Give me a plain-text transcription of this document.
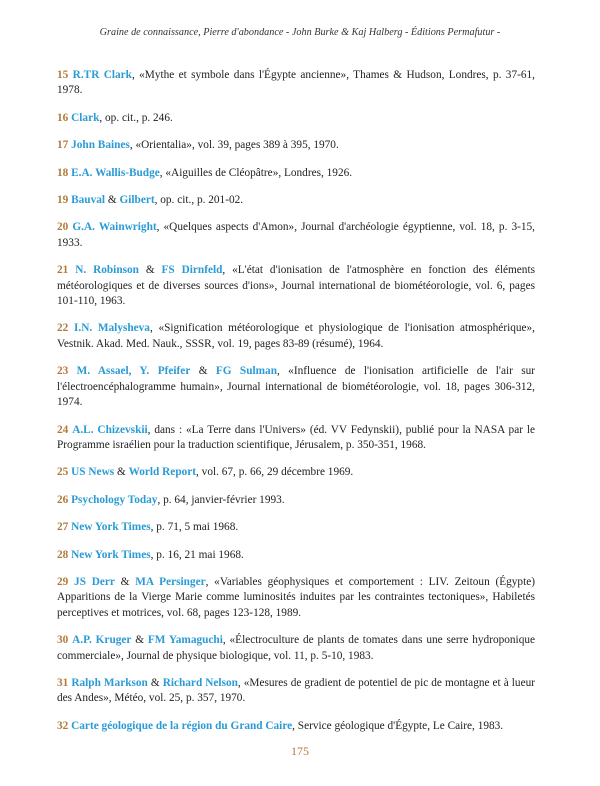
Graine de connaissance, Pierre d'abondance - John Burke & Kaj Halberg - Éditions Permafutur -

15 R.TR Clark, «Mythe et symbole dans l'Égypte ancienne», Thames & Hudson, Londres, p. 37-61, 1978.

16 Clark, op. cit., p. 246.

17 John Baines, «Orientalia», vol. 39, pages 389 à 395, 1970.

18 E.A. Wallis-Budge, «Aiguilles de Cléopâtre», Londres, 1926.

19 Bauval & Gilbert, op. cit., p. 201-02.

20 G.A. Wainwright, «Quelques aspects d'Amon», Journal d'archéologie égyptienne, vol. 18, p. 3-15, 1933.

21 N. Robinson & FS Dirnfeld, «L'état d'ionisation de l'atmosphère en fonction des éléments météorologiques et de diverses sources d'ions», Journal international de biométéorologie, vol. 6, pages 101-110, 1963.

22 I.N. Malysheva, «Signification météorologique et physiologique de l'ionisation atmosphérique», Vestnik. Akad. Med. Nauk., SSSR, vol. 19, pages 83-89 (résumé), 1964.

23 M. Assael, Y. Pfeifer & FG Sulman, «Influence de l'ionisation artificielle de l'air sur l'électroencéphalogramme humain», Journal international de biométéorologie, vol. 18, pages 306-312, 1974.

24 A.L. Chizevskii, dans : «La Terre dans l'Univers» (éd. VV Fedynskii), publié pour la NASA par le Programme israélien pour la traduction scientifique, Jérusalem, p. 350-351, 1968.

25 US News & World Report, vol. 67, p. 66, 29 décembre 1969.

26 Psychology Today, p. 64, janvier-février 1993.

27 New York Times, p. 71, 5 mai 1968.

28 New York Times, p. 16, 21 mai 1968.

29 JS Derr & MA Persinger, «Variables géophysiques et comportement : LIV. Zeitoun (Égypte) Apparitions de la Vierge Marie comme luminosités induites par les contraintes tectoniques», Habiletés perceptives et motrices, vol. 68, pages 123-128, 1989.

30 A.P. Kruger & FM Yamaguchi, «Électroculture de plants de tomates dans une serre hydroponique commerciale», Journal de physique biologique, vol. 11, p. 5-10, 1983.

31 Ralph Markson & Richard Nelson, «Mesures de gradient de potentiel de pic de montagne et à lueur des Andes», Météo, vol. 25, p. 357, 1970.

32 Carte géologique de la région du Grand Caire, Service géologique d'Égypte, Le Caire, 1983.

175
